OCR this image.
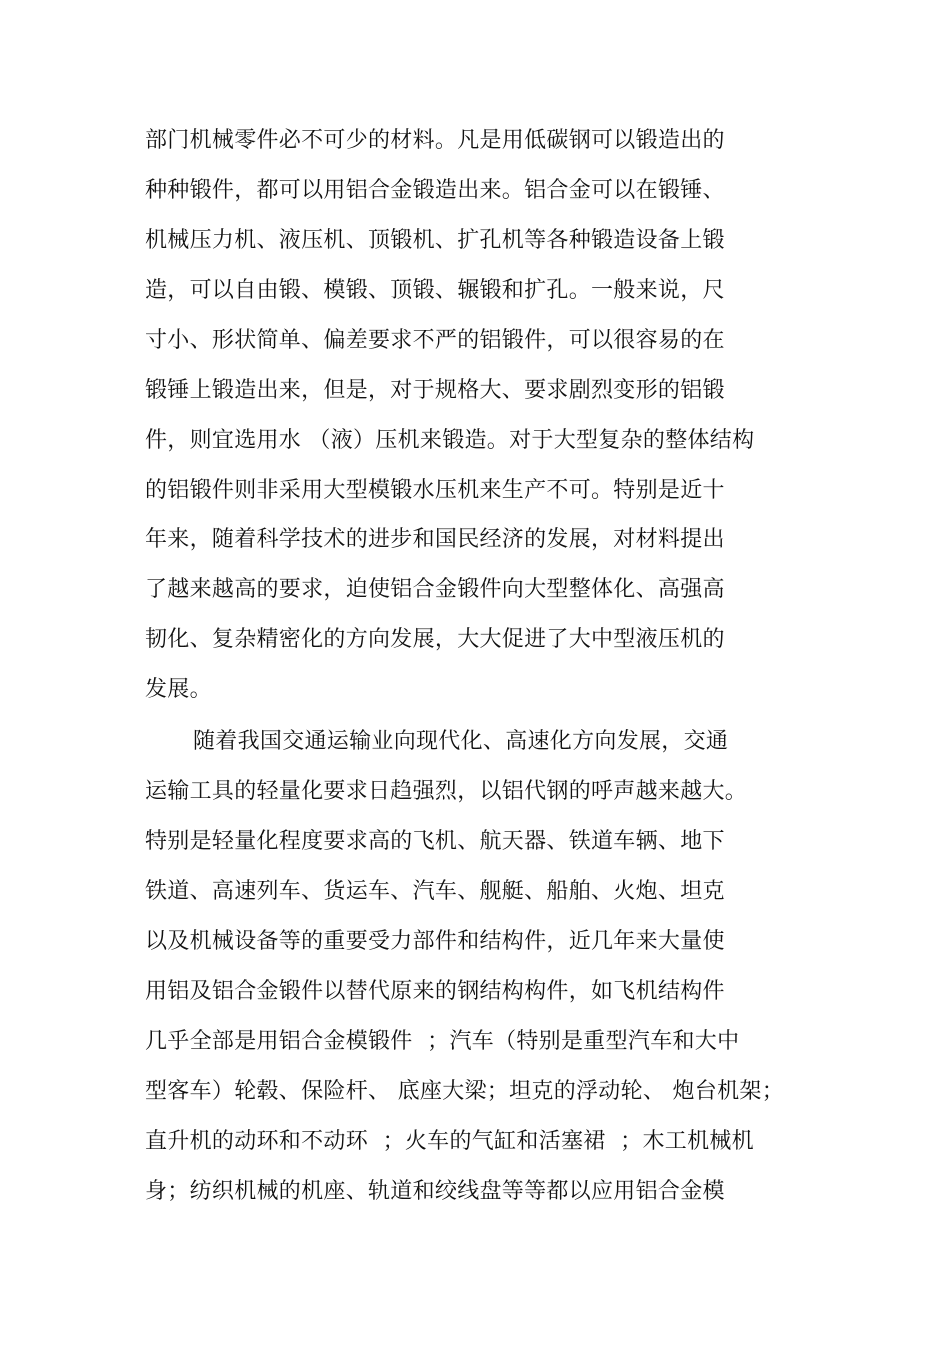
部门机械零件必不可少的材料。凡是用低碳钢可以锻造出的
种种锻件，都可以用铝合金锻造出来。铝合金可以在锻锤、
机械压力机、液压机、顶锻机、扩孔机等各种锻造设备上锻
造，可以自由锻、模锻、顶锻、辗锻和扩孔。一般来说，尺
寸小、形状简单、偏差要求不严的铝锻件，可以很容易的在
锻锤上锻造出来，但是，对于规格大、要求剧烈变形的铝锻
件，则宜选用水 （液）压机来锻造。对于大型复杂的整体结构
的铝锻件则非采用大型模锻水压机来生产不可。特别是近十
年来，随着科学技术的进步和国民经济的发展，对材料提出
了越来越高的要求，迫使铝合金锻件向大型整体化、高强高
韧化、复杂精密化的方向发展，大大促进了大中型液压机的
发展。
随着我国交通运输业向现代化、高速化方向发展，交通
运输工具的轻量化要求日趋强烈，以铝代钢的呼声越来越大。
特别是轻量化程度要求高的飞机、航天器、铁道车辆、地下
铁道、高速列车、货运车、汽车、舰艇、船舶、火炮、坦克
以及机械设备等的重要受力部件和结构件，近几年来大量使
用铝及铝合金锻件以替代原来的钢结构构件，如飞机结构件
几乎全部是用铝合金模锻件  ；汽车（特别是重型汽车和大中
型客车）轮毂、保险杆、 底座大梁；坦克的浮动轮、 炮台机架；
直升机的动环和不动环  ；火车的气缸和活塞裙  ；木工机械机
身；纺织机械的机座、轨道和绞线盘等等都以应用铝合金模
